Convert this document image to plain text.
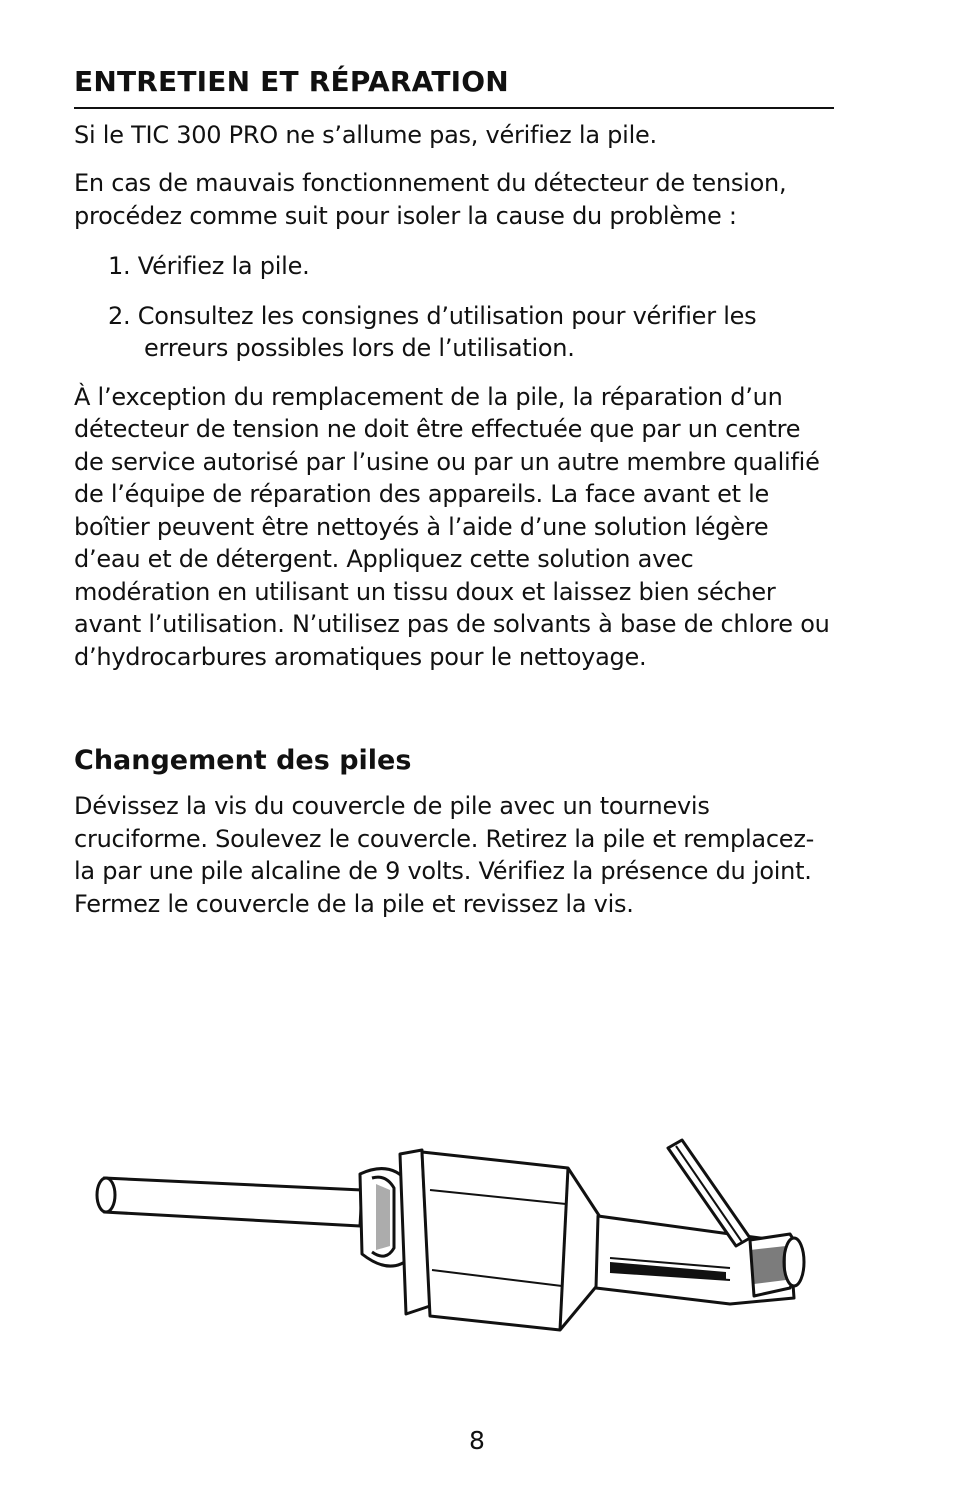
ENTRETIEN ET RÉPARATION

Si le TIC 300 PRO ne s’allume pas, vérifiez la pile.

En cas de mauvais fonctionnement du détecteur de tension, procédez comme suit pour isoler la cause du problème :

1. Vérifiez la pile.
2. Consultez les consignes d’utilisation pour vérifier les erreurs possibles lors de l’utilisation.

À l’exception du remplacement de la pile, la réparation d’un détecteur de tension ne doit être effectuée que par un centre de service autorisé par l’usine ou par un autre membre qualifié de l’équipe de réparation des appareils. La face avant et le boîtier peuvent être nettoyés à l’aide d’une solution légère d’eau et de détergent. Appliquez cette solution avec modération en utilisant un tissu doux et laissez bien sécher avant l’utilisation. N’utilisez pas de solvants à base de chlore ou d’hydrocarbures aromatiques pour le nettoyage.

Changement des piles

Dévissez la vis du couvercle de pile avec un tournevis cruciforme. Soulevez le couvercle. Retirez la pile et remplacez-la par une pile alcaline de 9 volts. Vérifiez la présence du joint. Fermez le couvercle de la pile et revissez la vis.

8
